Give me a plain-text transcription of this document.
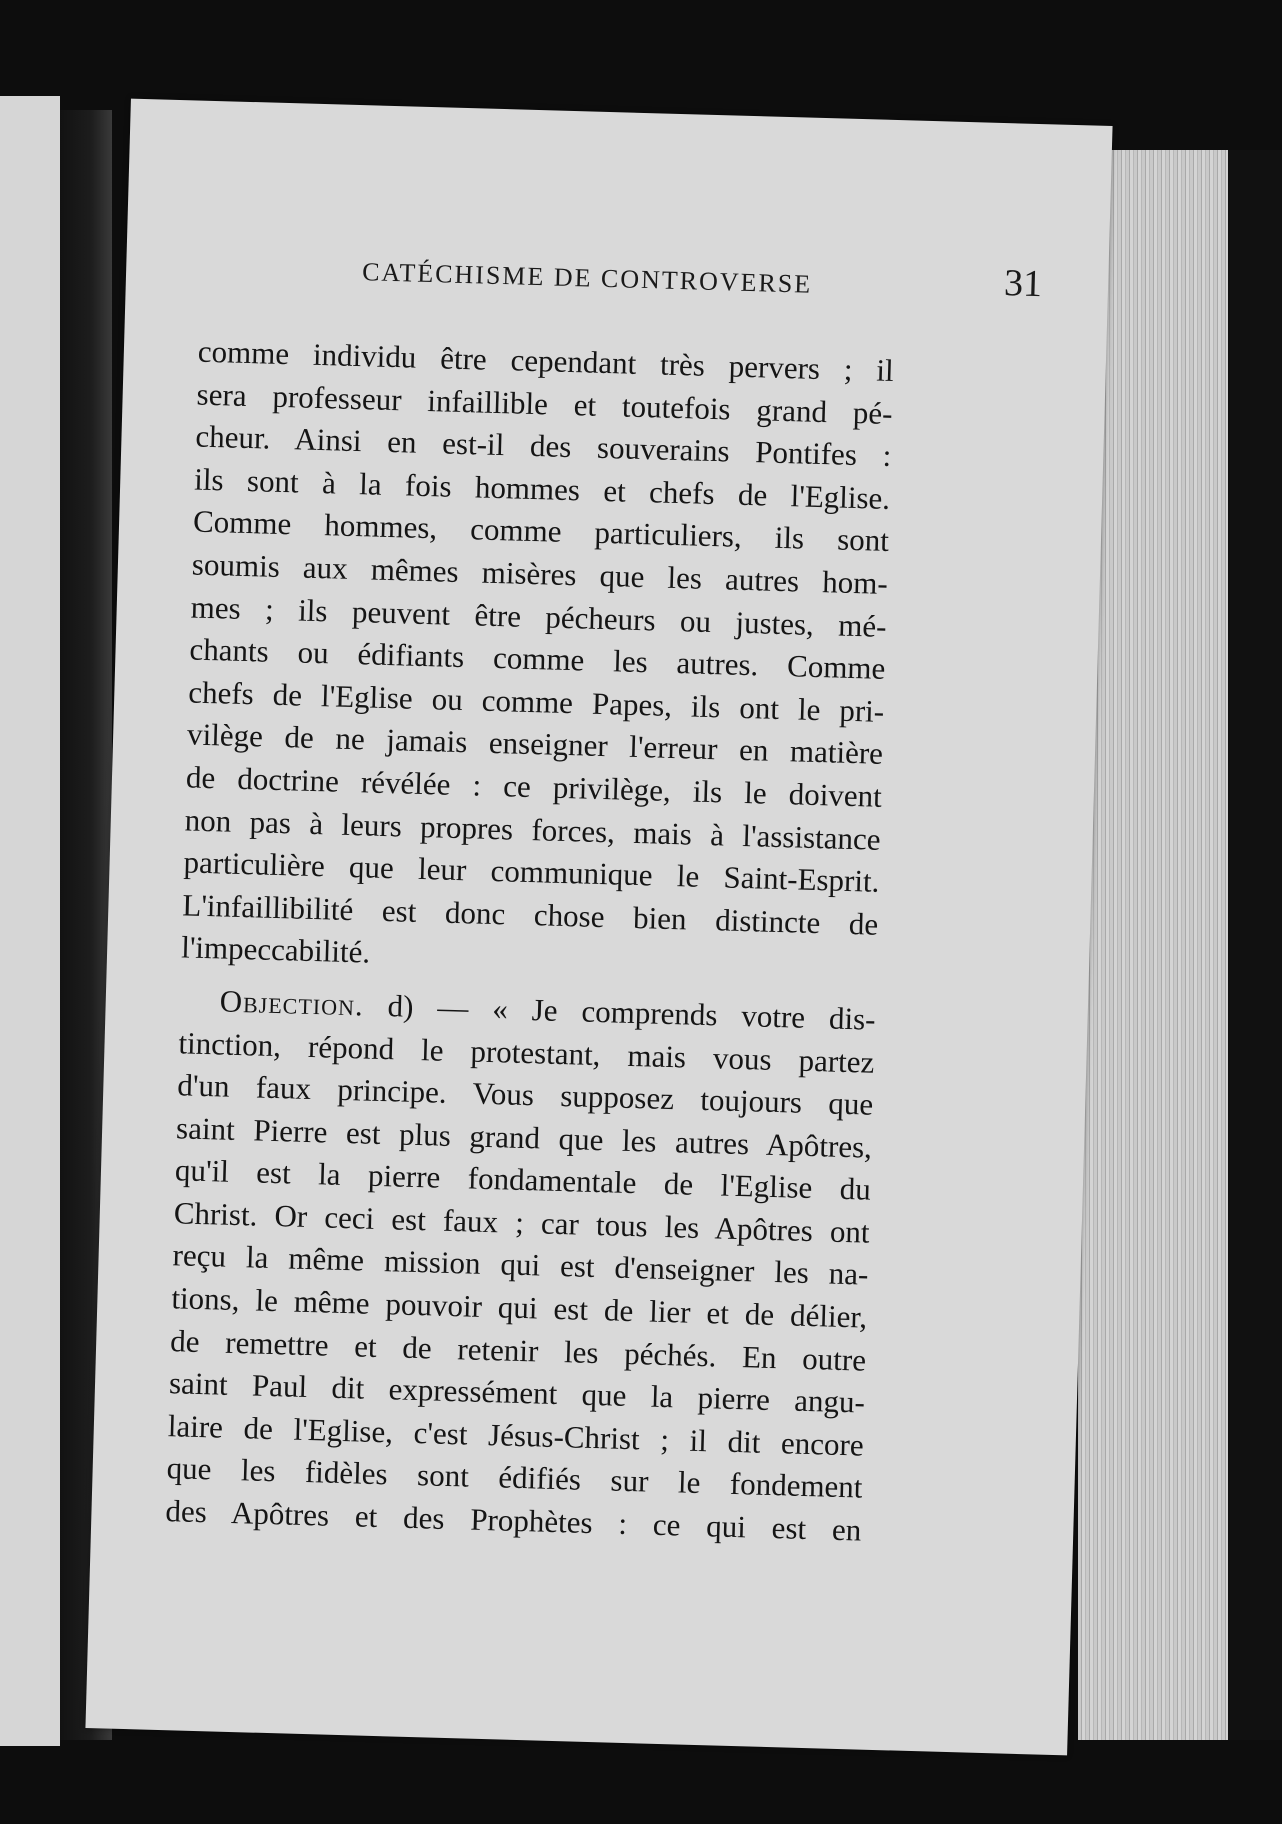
CATÉCHISME DE CONTROVERSE	31
comme individu être cependant très pervers ; il
sera professeur infaillible et toutefois grand pé-
cheur. Ainsi en est-il des souverains Pontifes :
ils sont à la fois hommes et chefs de l'Eglise.
Comme hommes, comme particuliers, ils sont
soumis aux mêmes misères que les autres hom-
mes ; ils peuvent être pécheurs ou justes, mé-
chants ou édifiants comme les autres. Comme
chefs de l'Eglise ou comme Papes, ils ont le pri-
vilège de ne jamais enseigner l'erreur en matière
de doctrine révélée : ce privilège, ils le doivent
non pas à leurs propres forces, mais à l'assistance
particulière que leur communique le Saint-Esprit.
L'infaillibilité est donc chose bien distincte de
l'impeccabilité.
Objection. d) — « Je comprends votre dis-
tinction, répond le protestant, mais vous partez
d'un faux principe. Vous supposez toujours que
saint Pierre est plus grand que les autres Apôtres,
qu'il est la pierre fondamentale de l'Eglise du
Christ. Or ceci est faux ; car tous les Apôtres ont
reçu la même mission qui est d'enseigner les na-
tions, le même pouvoir qui est de lier et de délier,
de remettre et de retenir les péchés. En outre
saint Paul dit expressément que la pierre angu-
laire de l'Eglise, c'est Jésus-Christ ; il dit encore
que les fidèles sont édifiés sur le fondement
des Apôtres et des Prophètes : ce qui est en
